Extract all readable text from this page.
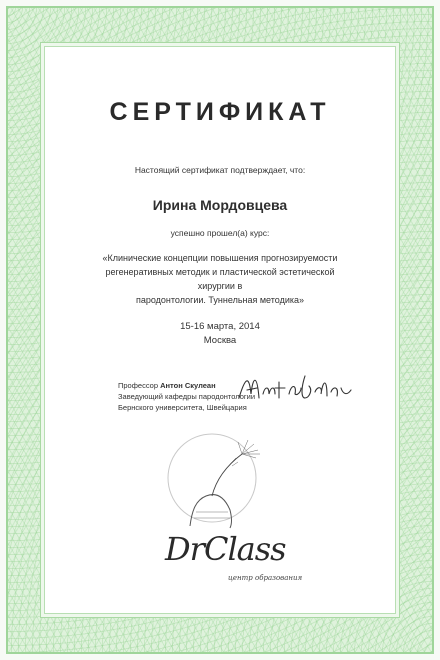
СЕРТИФИКАТ
Настоящий сертификат подтверждает, что:
Ирина Мордовцева
успешно прошел(а) курс:
«Клинические концепции повышения прогнозируемости
регенеративных методик и пластической эстетической хирургии в
пародонтологии. Туннельная методика»
15-16 марта, 2014
Москва
Профессор Антон Скулеан
Заведующий кафедры пародонтологии
Бернского университета, Швейцария
DrClass
центр образования
